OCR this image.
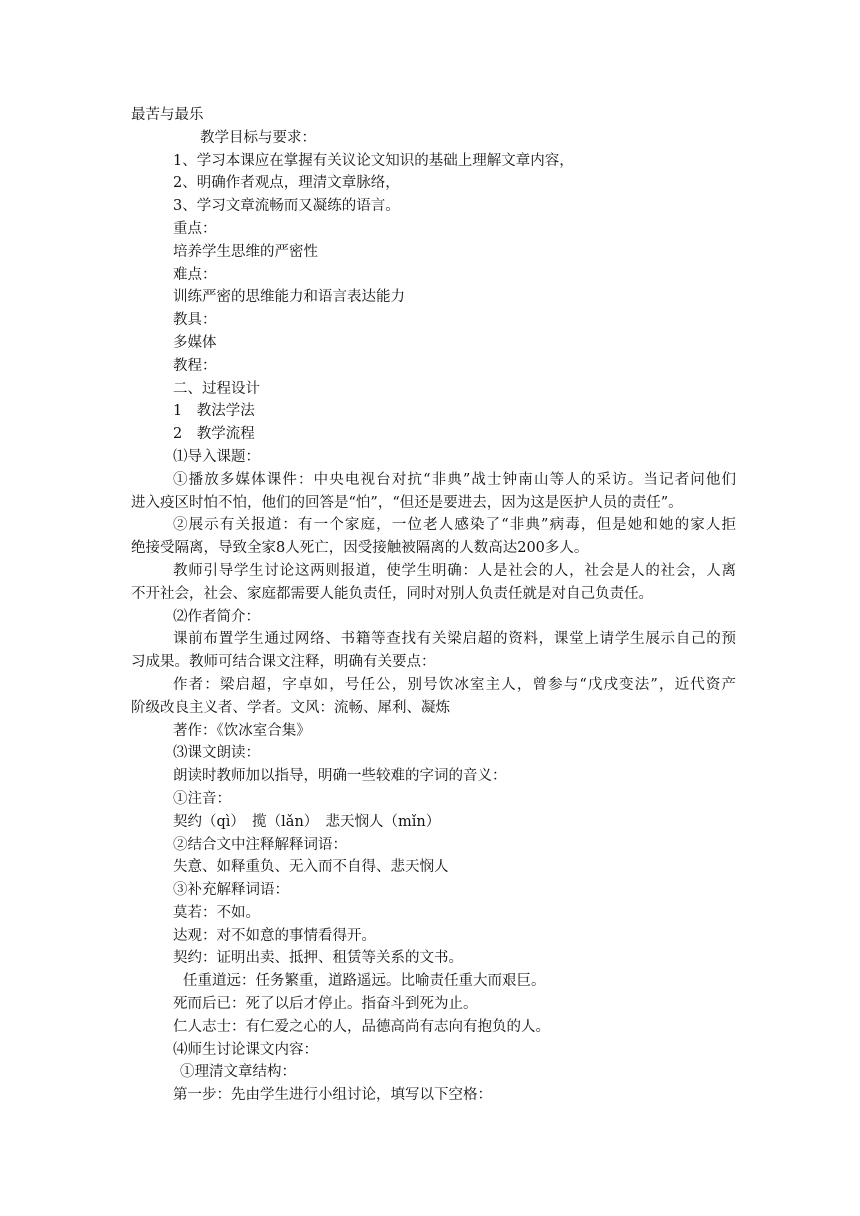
最苦与最乐
教学目标与要求：
1、学习本课应在掌握有关议论文知识的基础上理解文章内容，
2、明确作者观点，理清文章脉络，
3、学习文章流畅而又凝练的语言。
重点：
培养学生思维的严密性
难点：
训练严密的思维能力和语言表达能力
教具：
多媒体
教程：
二、过程设计
1　教法学法
2　教学流程
⑴导入课题：
①播放多媒体课件：中央电视台对抗“非典”战士钟南山等人的采访。当记者问他们
进入疫区时怕不怕，他们的回答是“怕”，“但还是要进去，因为这是医护人员的责任”。
②展示有关报道：有一个家庭，一位老人感染了“非典”病毒，但是她和她的家人拒
绝接受隔离，导致全家8人死亡，因受接触被隔离的人数高达200多人。
教师引导学生讨论这两则报道，使学生明确：人是社会的人，社会是人的社会，人离
不开社会，社会、家庭都需要人能负责任，同时对别人负责任就是对自己负责任。
⑵作者简介：
课前布置学生通过网络、书籍等查找有关梁启超的资料，课堂上请学生展示自己的预
习成果。教师可结合课文注释，明确有关要点：
作者：梁启超，字卓如，号任公，别号饮冰室主人，曾参与“戊戌变法”，近代资产
阶级改良主义者、学者。文风：流畅、犀利、凝炼
著作：《饮冰室合集》
⑶课文朗读：
朗读时教师加以指导，明确一些较难的字词的音义：
①注音：
契约（qì）　揽（lǎn）　悲天悯人（mǐn）
②结合文中注释解释词语：
失意、如释重负、无入而不自得、悲天悯人
③补充解释词语：
莫若：不如。
达观：对不如意的事情看得开。
契约：证明出卖、抵押、租赁等关系的文书。
任重道远：任务繁重，道路遥远。比喻责任重大而艰巨。
死而后已：死了以后才停止。指奋斗到死为止。
仁人志士：有仁爱之心的人，品德高尚有志向有抱负的人。
⑷师生讨论课文内容：
①理清文章结构：
第一步：先由学生进行小组讨论，填写以下空格：
